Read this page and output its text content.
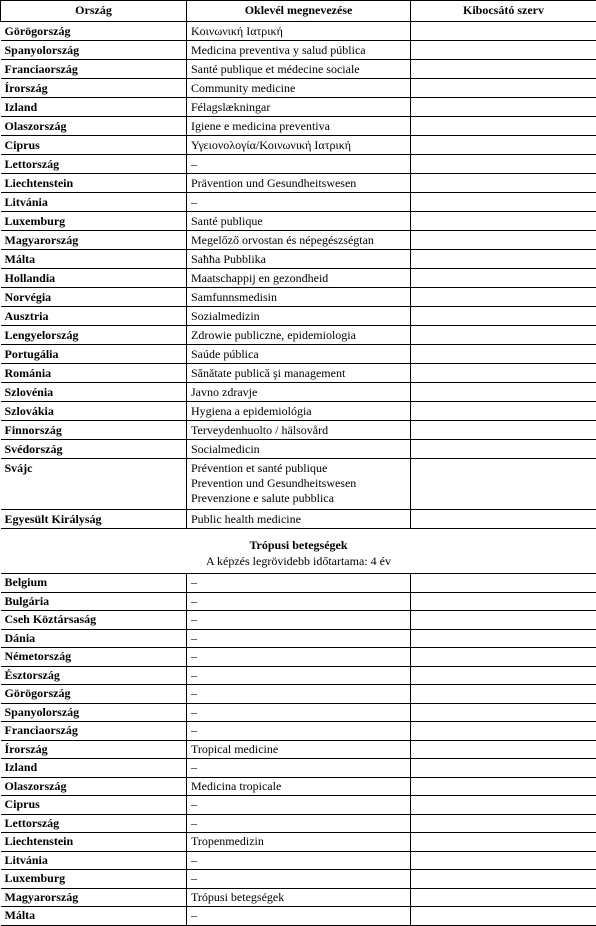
Ország	Oklevél megnevezése	Kibocsátó szerv
Görögország	Κοινωνική Ιατρική	
Spanyolország	Medicina preventiva y salud pública	
Franciaország	Santé publique et médecine sociale	
Írország	Community medicine	
Izland	Félagslækningar	
Olaszország	Igiene e medicina preventiva	
Ciprus	Υγειονολογία/Κοινωνική Ιατρική	
Lettország	–	
Liechtenstein	Prävention und Gesundheitswesen	
Litvánia	–	
Luxemburg	Santé publique	
Magyarország	Megelőző orvostan és népegészségtan	
Málta	Saħħa Pubblika	
Hollandia	Maatschappij en gezondheid	
Norvégia	Samfunnsmedisin	
Ausztria	Sozialmedizin	
Lengyelország	Zdrowie publiczne, epidemiologia	
Portugália	Saúde pública	
Románia	Sănătate publică şi management	
Szlovénia	Javno zdravje	
Szlovákia	Hygiena a epidemiológia	
Finnország	Terveydenhuolto / hälsovård	
Svédország	Socialmedicin	
Svájc	Prévention et santé publique
Prevention und Gesundheitswesen
Prevenzione e salute pubblica	

Egyesült Királyság	Public health medicine	

Trópusi betegségek
A képzés legrövidebb időtartama: 4 év		

Belgium	–	
Bulgária	–	
Cseh Köztársaság	–	
Dánia	–	
Németország	–	
Észtország	–	
Görögország	–	
Spanyolország	–	
Franciaország	–	
Írország	Tropical medicine	
Izland	–	
Olaszország	Medicina tropicale	
Ciprus	–	
Lettország	–	
Liechtenstein	Tropenmedizin	
Litvánia	–	
Luxemburg	–	
Magyarország	Trópusi betegségek	
Málta	–	
